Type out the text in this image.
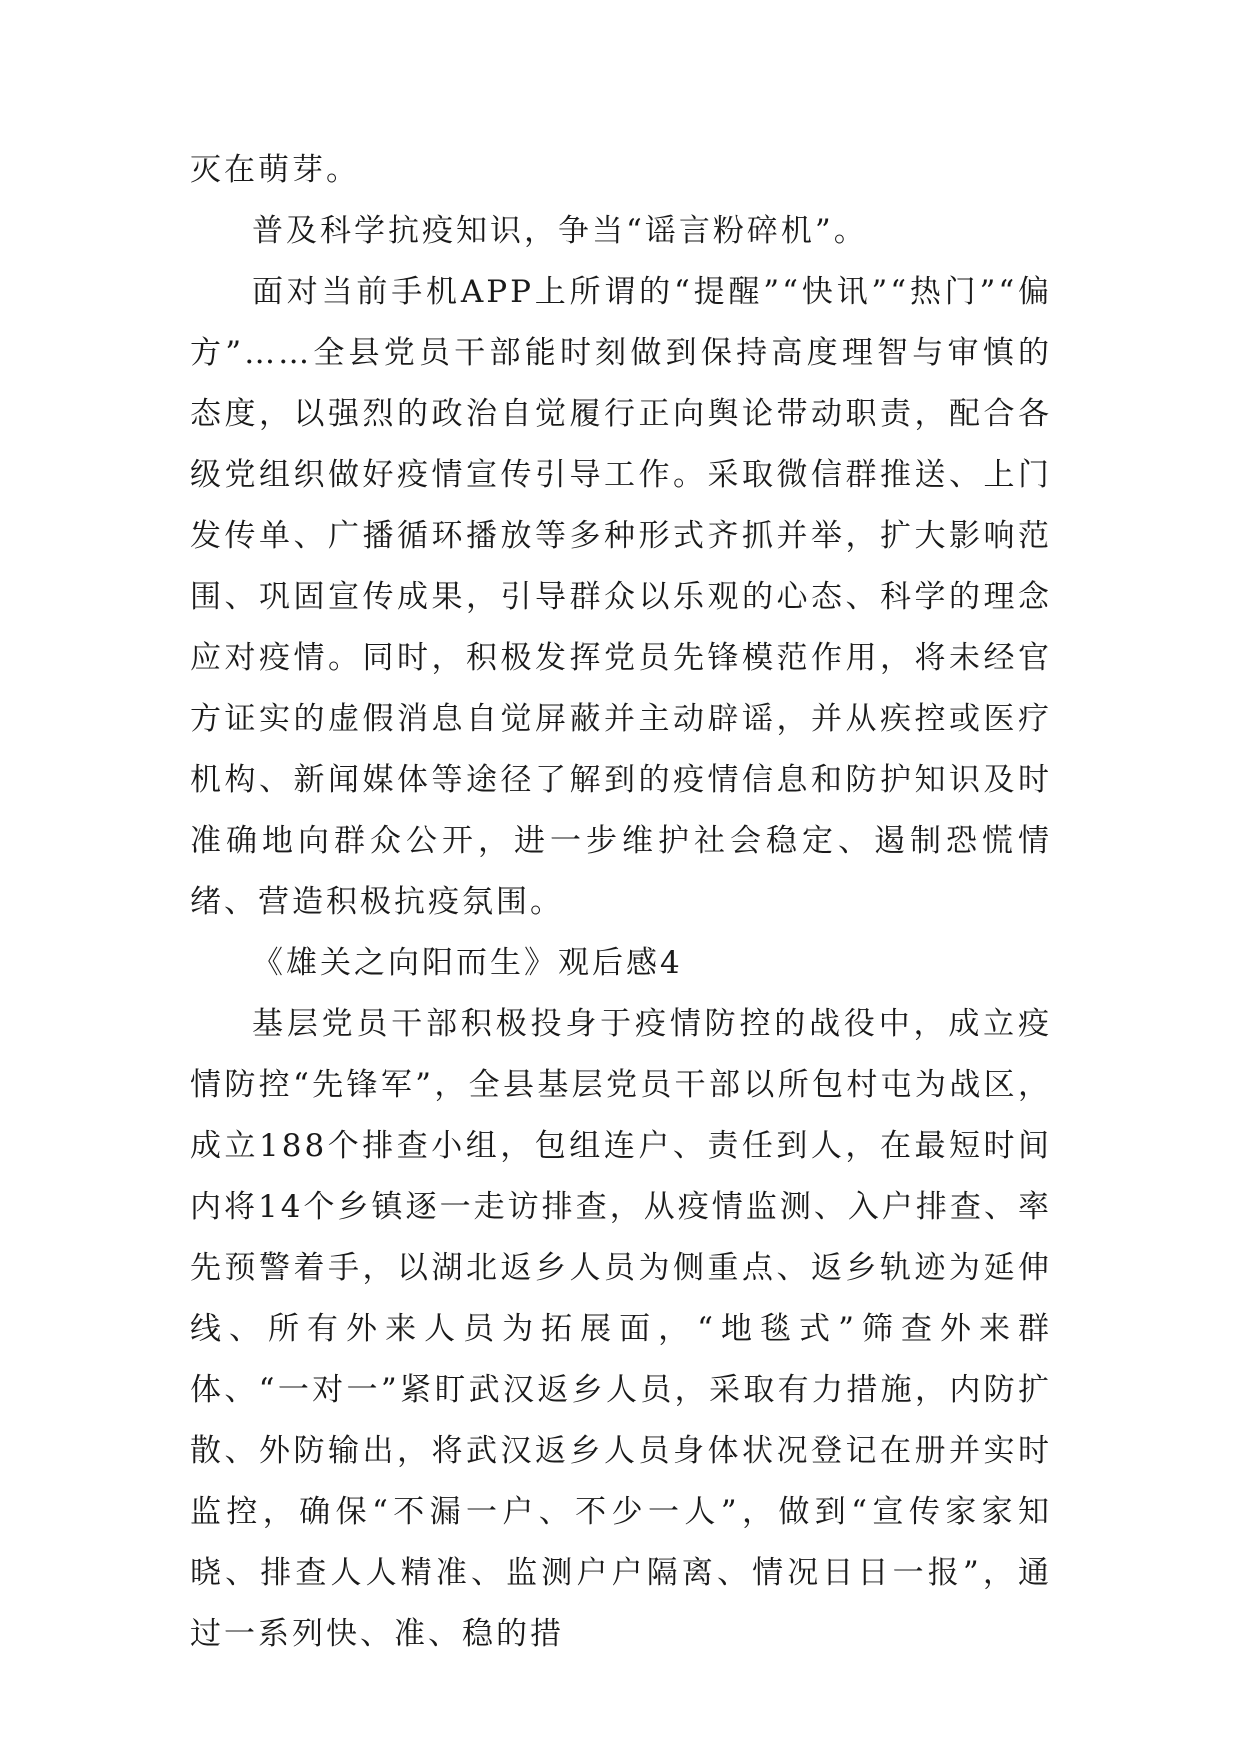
灭在萌芽。

普及科学抗疫知识，争当“谣言粉碎机”。

面对当前手机APP上所谓的“提醒”“快讯”“热门”“偏方”……全县党员干部能时刻做到保持高度理智与审慎的态度，以强烈的政治自觉履行正向舆论带动职责，配合各级党组织做好疫情宣传引导工作。采取微信群推送、上门发传单、广播循环播放等多种形式齐抓并举，扩大影响范围、巩固宣传成果，引导群众以乐观的心态、科学的理念应对疫情。同时，积极发挥党员先锋模范作用，将未经官方证实的虚假消息自觉屏蔽并主动辟谣，并从疾控或医疗机构、新闻媒体等途径了解到的疫情信息和防护知识及时准确地向群众公开，进一步维护社会稳定、遏制恐慌情绪、营造积极抗疫氛围。

《雄关之向阳而生》观后感4

基层党员干部积极投身于疫情防控的战役中，成立疫情防控“先锋军”，全县基层党员干部以所包村屯为战区，成立188个排查小组，包组连户、责任到人，在最短时间内将14个乡镇逐一走访排查，从疫情监测、入户排查、率先预警着手，以湖北返乡人员为侧重点、返乡轨迹为延伸线、所有外来人员为拓展面，“地毯式”筛查外来群体、“一对一”紧盯武汉返乡人员，采取有力措施，内防扩散、外防输出，将武汉返乡人员身体状况登记在册并实时监控，确保“不漏一户、不少一人”，做到“宣传家家知晓、排查人人精准、监测户户隔离、情况日日一报”，通过一系列快、准、稳的措
